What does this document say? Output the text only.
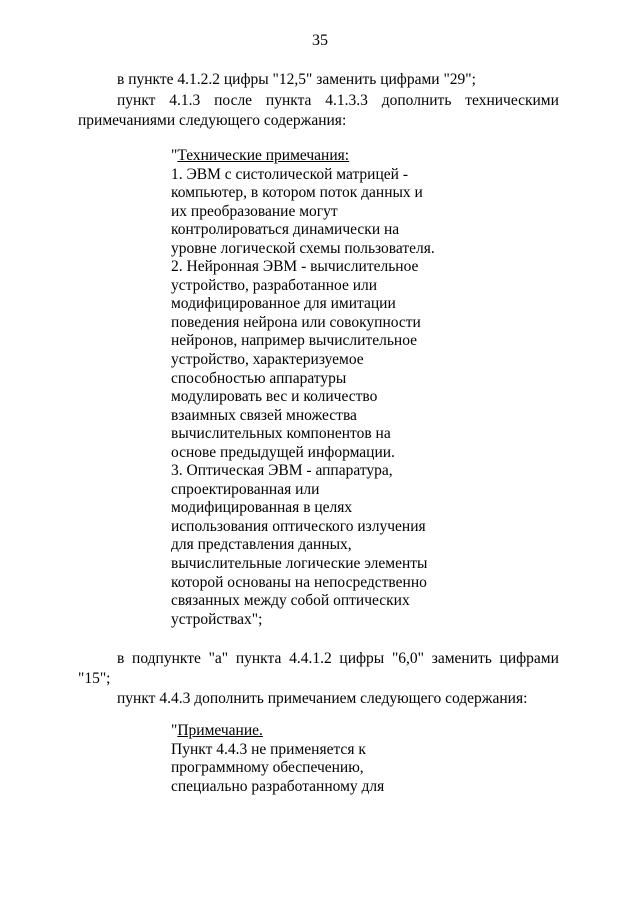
35
в пункте 4.1.2.2 цифры "12,5" заменить цифрами "29";
пункт 4.1.3 после пункта 4.1.3.3 дополнить техническими
примечаниями следующего содержания:
"Технические примечания:
1. ЭВМ с систолической матрицей -
компьютер, в котором поток данных и
их преобразование могут
контролироваться динамически на
уровне логической схемы пользователя.
2. Нейронная ЭВМ - вычислительное
устройство, разработанное или
модифицированное для имитации
поведения нейрона или совокупности
нейронов, например вычислительное
устройство, характеризуемое
способностью аппаратуры
модулировать вес и количество
взаимных связей множества
вычислительных компонентов на
основе предыдущей информации.
3. Оптическая ЭВМ - аппаратура,
спроектированная или
модифицированная в целях
использования оптического излучения
для представления данных,
вычислительные логические элементы
которой основаны на непосредственно
связанных между собой оптических
устройствах";
в подпункте "а" пункта 4.4.1.2 цифры "6,0" заменить цифрами
"15";
пункт 4.4.3 дополнить примечанием следующего содержания:
"Примечание.
Пункт 4.4.3 не применяется к
программному обеспечению,
специально разработанному для
